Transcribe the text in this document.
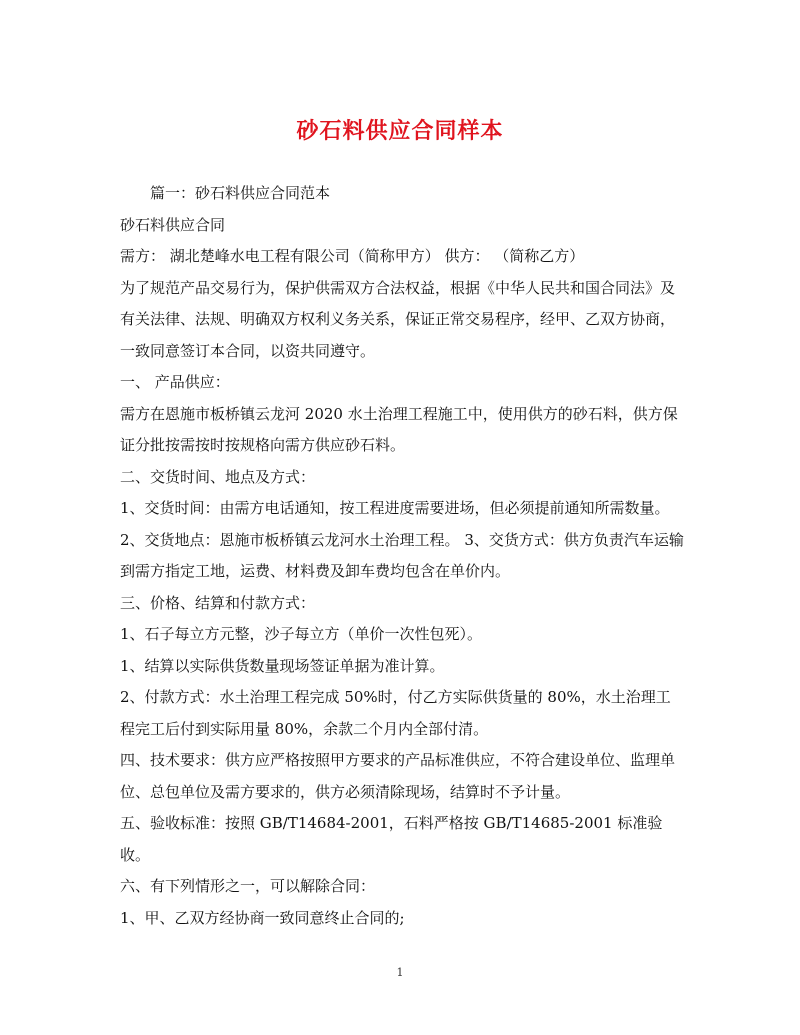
砂石料供应合同样本

篇一：砂石料供应合同范本

砂石料供应合同

需方： 湖北楚峰水电工程有限公司（简称甲方） 供方： （简称乙方）

为了规范产品交易行为，保护供需双方合法权益，根据《中华人民共和国合同法》及有关法律、法规、明确双方权利义务关系，保证正常交易程序，经甲、乙双方协商，一致同意签订本合同，以资共同遵守。

一、 产品供应：

需方在恩施市板桥镇云龙河 2020 水土治理工程施工中，使用供方的砂石料，供方保证分批按需按时按规格向需方供应砂石料。

二、交货时间、地点及方式：

1、交货时间：由需方电话通知，按工程进度需要进场，但必须提前通知所需数量。

2、交货地点：恩施市板桥镇云龙河水土治理工程。 3、交货方式：供方负责汽车运输到需方指定工地，运费、材料费及卸车费均包含在单价内。

三、价格、结算和付款方式：

1、石子每立方元整，沙子每立方（单价一次性包死）。

1、结算以实际供货数量现场签证单据为准计算。

2、付款方式：水土治理工程完成 50%时，付乙方实际供货量的 80%，水土治理工程完工后付到实际用量 80%，余款二个月内全部付清。

四、技术要求：供方应严格按照甲方要求的产品标准供应，不符合建设单位、监理单位、总包单位及需方要求的，供方必须清除现场，结算时不予计量。

五、验收标准：按照 GB/T14684-2001，石料严格按 GB/T14685-2001 标准验收。

六、有下列情形之一，可以解除合同：

1、甲、乙双方经协商一致同意终止合同的;

1
